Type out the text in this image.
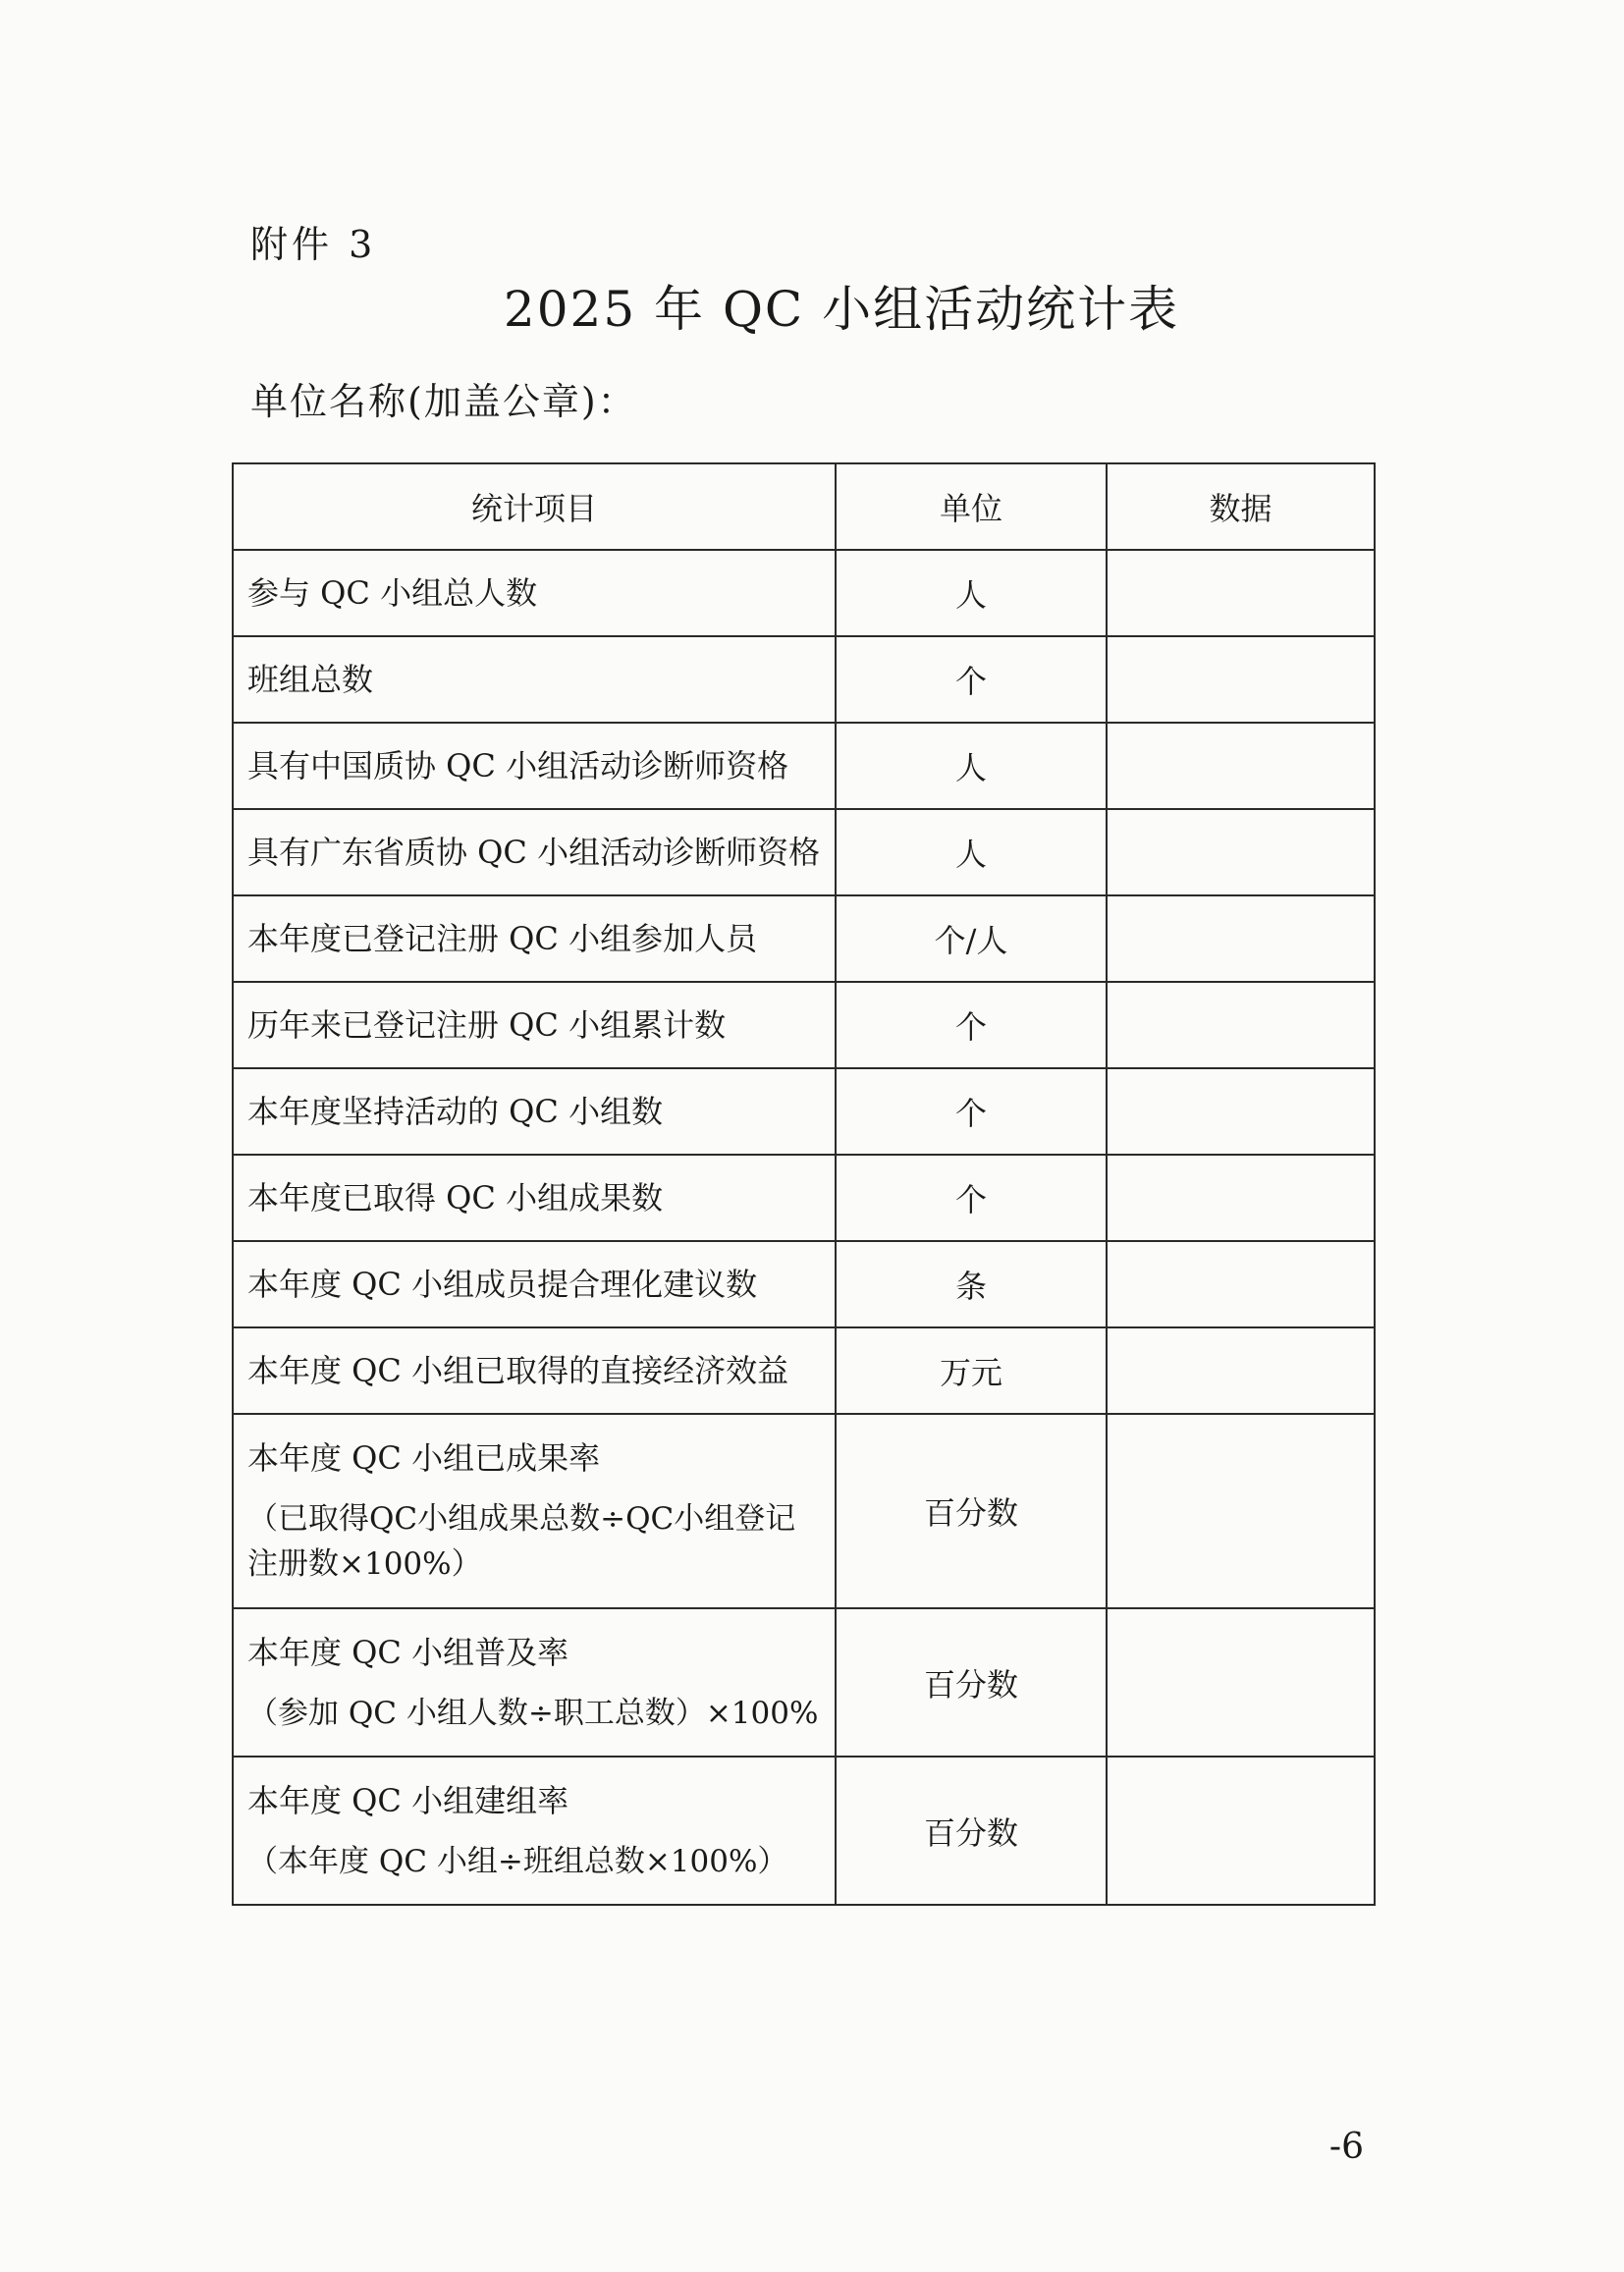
附件 3
2025 年 QC 小组活动统计表
单位名称(加盖公章)：
统计项目	单位	数据

参与 QC 小组总人数	人	

班组总数	个	

具有中国质协 QC 小组活动诊断师资格	人	

具有广东省质协 QC 小组活动诊断师资格	人	

本年度已登记注册 QC 小组参加人员	个/人	

历年来已登记注册 QC 小组累计数	个	

本年度坚持活动的 QC 小组数	个	

本年度已取得 QC 小组成果数	个	

本年度 QC 小组成员提合理化建议数	条	

本年度 QC 小组已取得的直接经济效益	万元	

本年度 QC 小组已成果率
（已取得QC小组成果总数÷QC小组登记
注册数×100%）	百分数	

本年度 QC 小组普及率
（参加 QC 小组人数÷职工总数）×100%	百分数	

本年度 QC 小组建组率
（本年度 QC 小组÷班组总数×100%）	百分数	
-6
